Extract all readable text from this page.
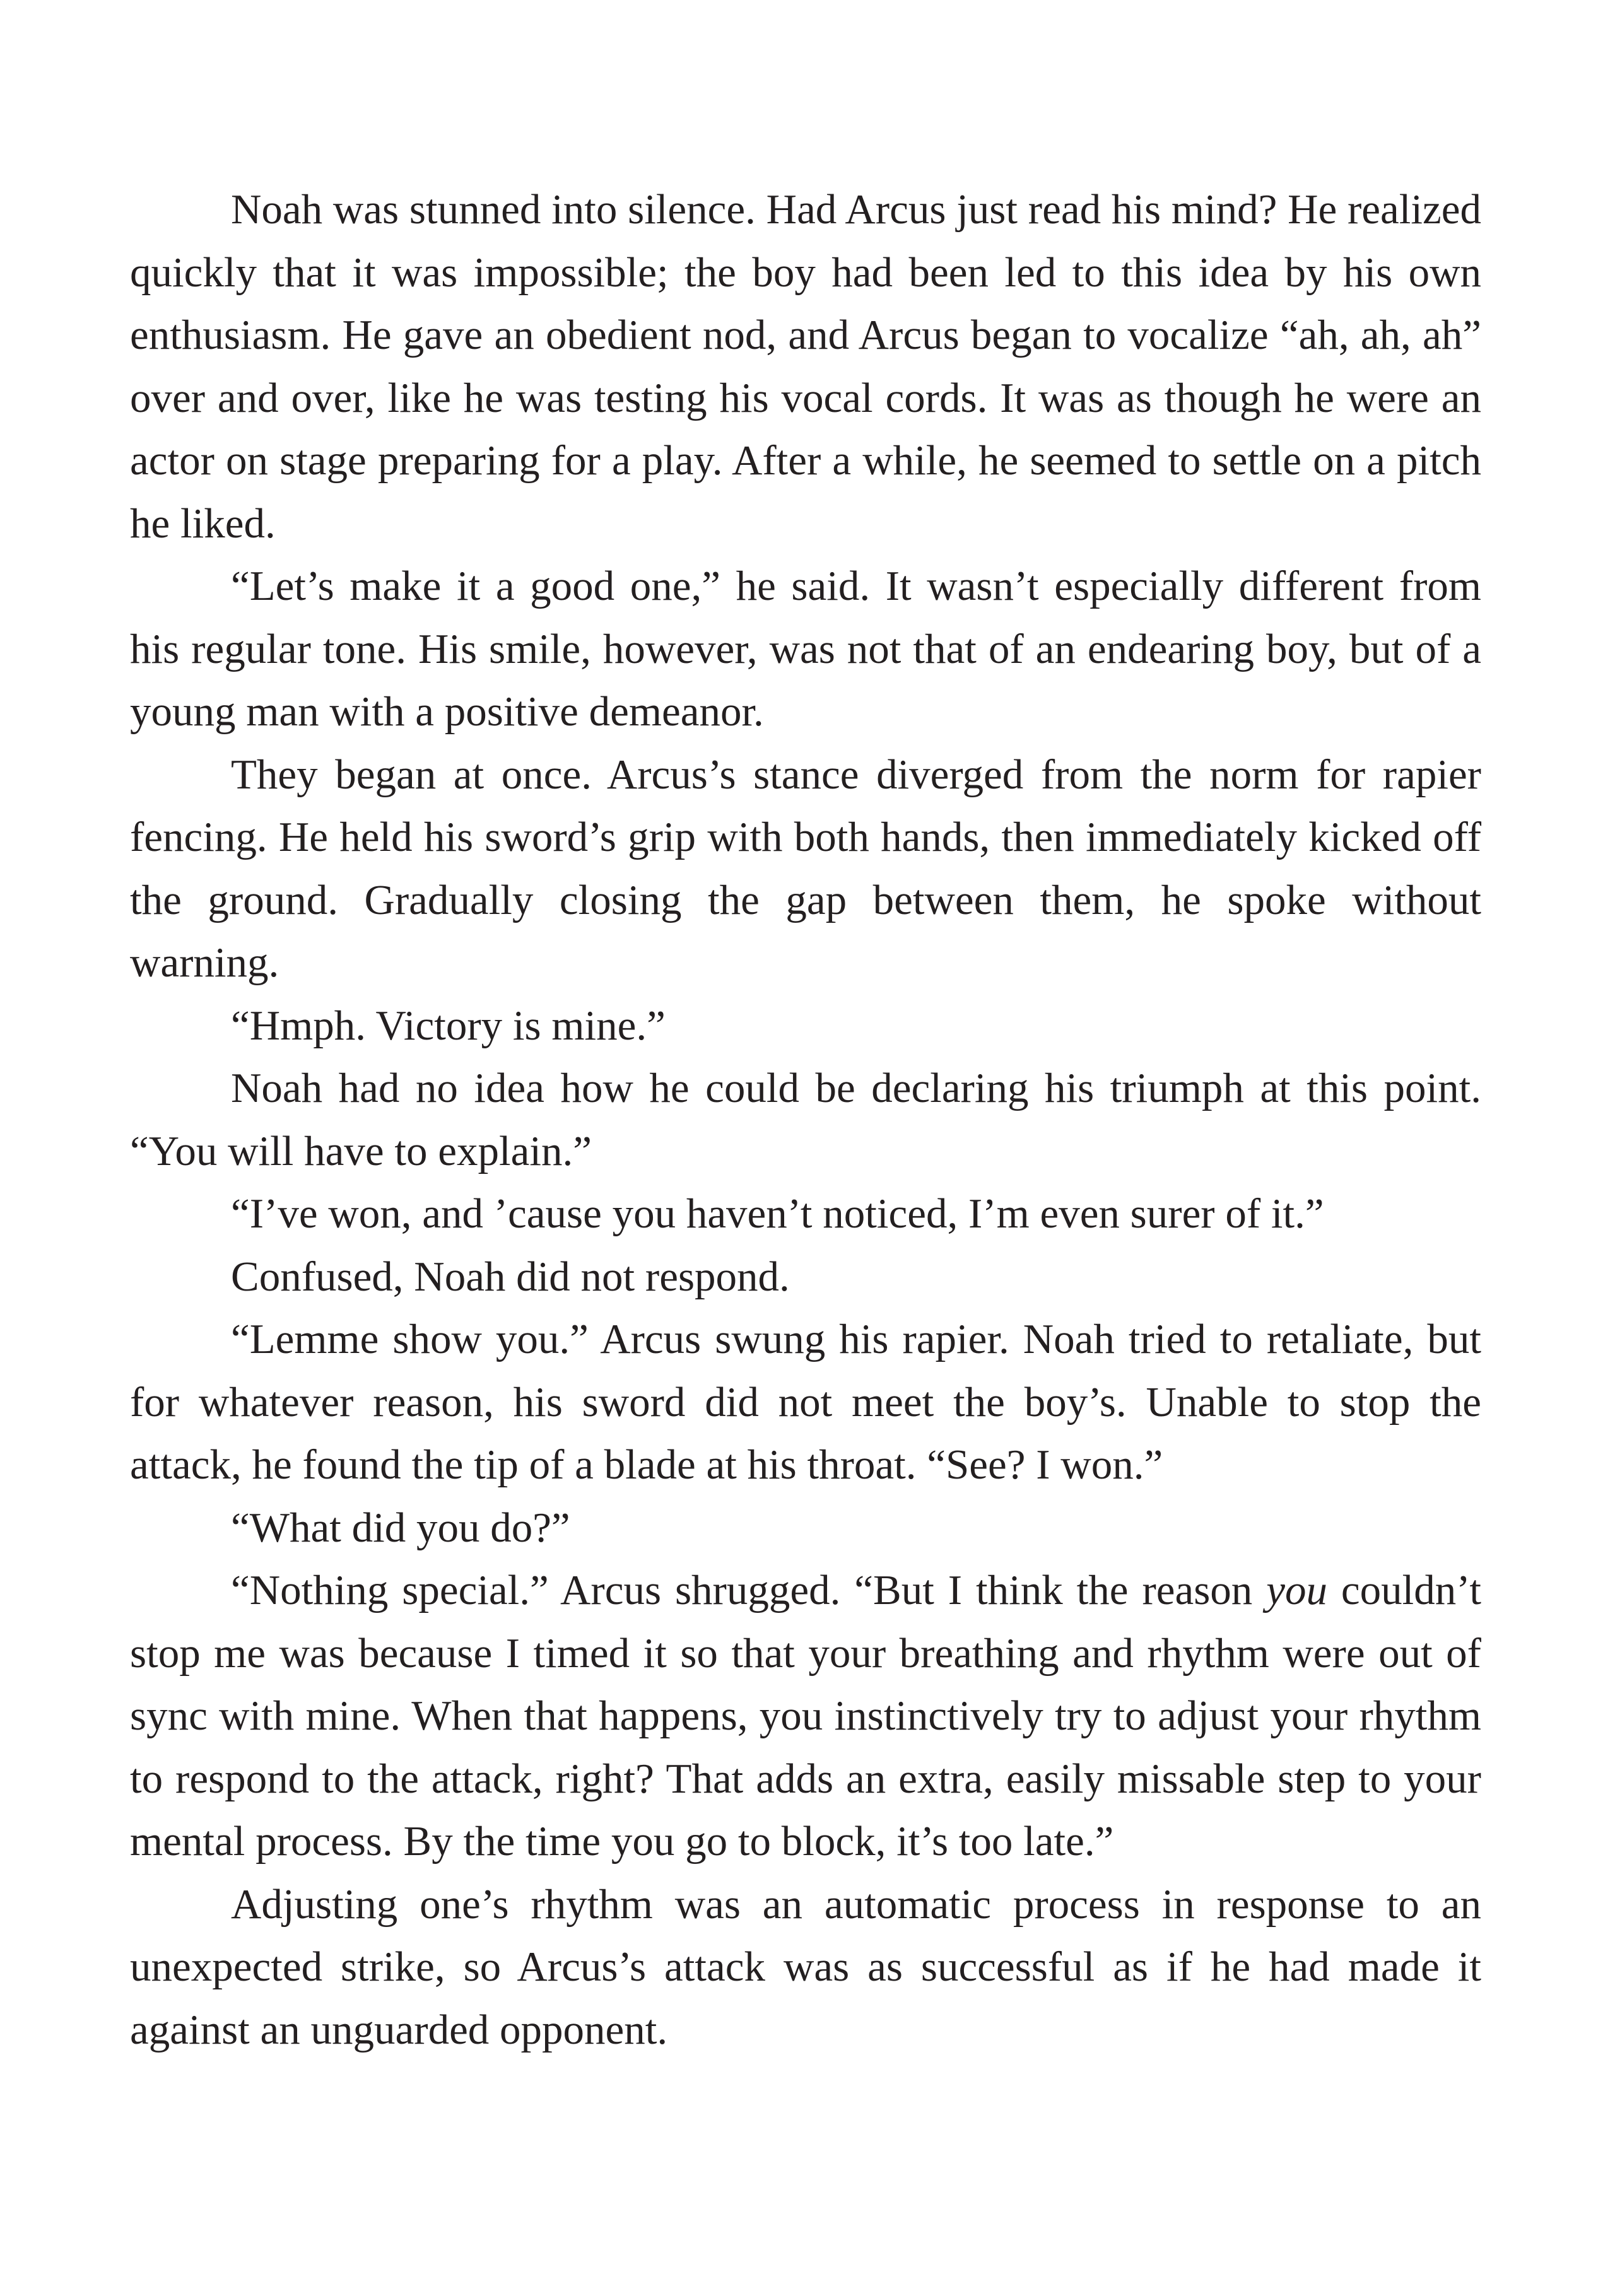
Noah was stunned into silence. Had Arcus just read his mind? He realized quickly that it was impossible; the boy had been led to this idea by his own enthusiasm. He gave an obedient nod, and Arcus began to vocalize “ah, ah, ah” over and over, like he was testing his vocal cords. It was as though he were an actor on stage preparing for a play. After a while, he seemed to settle on a pitch he liked.

“Let’s make it a good one,” he said. It wasn’t especially different from his regular tone. His smile, however, was not that of an endearing boy, but of a young man with a positive demeanor.

They began at once. Arcus’s stance diverged from the norm for rapier fencing. He held his sword’s grip with both hands, then immediately kicked off the ground. Gradually closing the gap between them, he spoke without warning.

“Hmph. Victory is mine.”

Noah had no idea how he could be declaring his triumph at this point. “You will have to explain.”

“I’ve won, and ’cause you haven’t noticed, I’m even surer of it.”

Confused, Noah did not respond.

“Lemme show you.” Arcus swung his rapier. Noah tried to retaliate, but for whatever reason, his sword did not meet the boy’s. Unable to stop the attack, he found the tip of a blade at his throat. “See? I won.”

“What did you do?”

“Nothing special.” Arcus shrugged. “But I think the reason you couldn’t stop me was because I timed it so that your breathing and rhythm were out of sync with mine. When that happens, you instinctively try to adjust your rhythm to respond to the attack, right? That adds an extra, easily missable step to your mental process. By the time you go to block, it’s too late.”

Adjusting one’s rhythm was an automatic process in response to an unexpected strike, so Arcus’s attack was as successful as if he had made it against an unguarded opponent.
